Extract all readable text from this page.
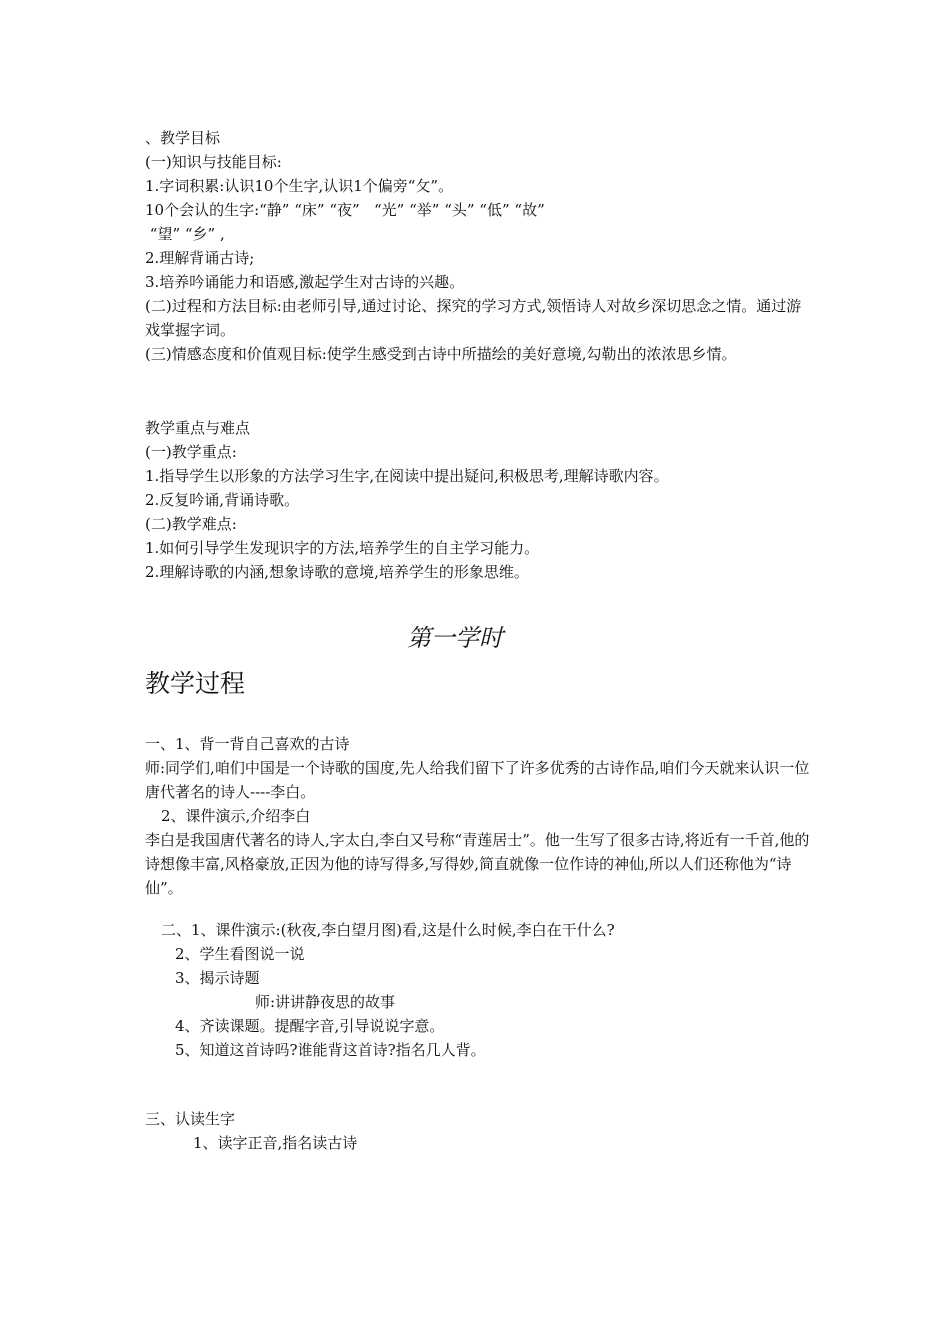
、教学目标

(一)知识与技能目标:

1.字词积累:认识10个生字,认识1个偏旁“攵”。

10个会认的生字:“静” “床” “夜”   “光” “举” “头” “低” “故”

“望” “乡” ,

2.理解背诵古诗;

3.培养吟诵能力和语感,激起学生对古诗的兴趣。

(二)过程和方法目标:由老师引导,通过讨论、探究的学习方式,领悟诗人对故乡深切思念之情。通过游戏掌握字词。

(三)情感态度和价值观目标:使学生感受到古诗中所描绘的美好意境,勾勒出的浓浓思乡情。

教学重点与难点

(一)教学重点:

1.指导学生以形象的方法学习生字,在阅读中提出疑问,积极思考,理解诗歌内容。

2.反复吟诵,背诵诗歌。

(二)教学难点:

1.如何引导学生发现识字的方法,培养学生的自主学习能力。

2.理解诗歌的内涵,想象诗歌的意境,培养学生的形象思维。

第一学时

教学过程

一、1、背一背自己喜欢的古诗

师:同学们,咱们中国是一个诗歌的国度,先人给我们留下了许多优秀的古诗作品,咱们今天就来认识一位唐代著名的诗人----李白。

2、课件演示,介绍李白

李白是我国唐代著名的诗人,字太白,李白又号称“青莲居士”。他一生写了很多古诗,将近有一千首,他的诗想像丰富,风格豪放,正因为他的诗写得多,写得妙,简直就像一位作诗的神仙,所以人们还称他为“诗仙”。

二、1、课件演示:(秋夜,李白望月图)看,这是什么时候,李白在干什么?

2、学生看图说一说

3、揭示诗题

师:讲讲静夜思的故事

4、齐读课题。提醒字音,引导说说字意。

5、知道这首诗吗?谁能背这首诗?指名几人背。

三、认读生字

1、读字正音,指名读古诗
